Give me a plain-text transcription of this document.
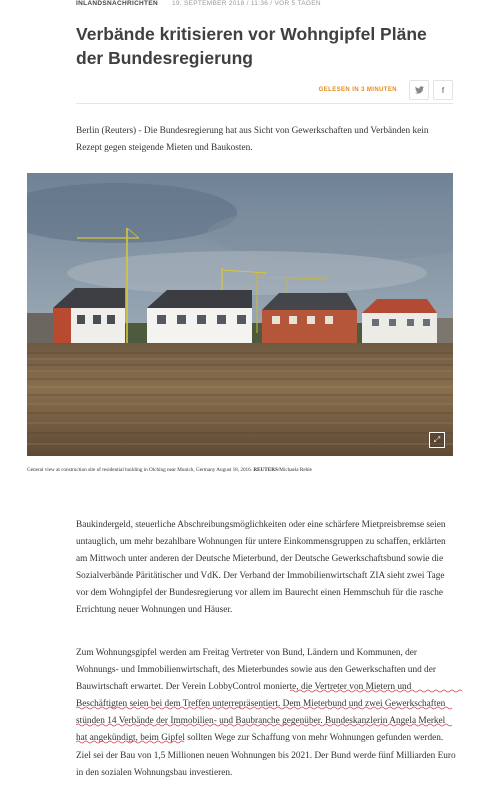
INLANDSNACHRICHTEN 19. SEPTEMBER 2018 / 11:36 / VOR 5 TAGEN
Verbände kritisieren vor Wohngipfel Pläne der Bundesregierung
GELESEN IN 3 MINUTEN	f

Berlin (Reuters) - Die Bundesregierung hat aus Sicht von Gewerkschaften und Verbänden kein Rezept gegen steigende Mieten und Baukosten.

⤢

General view at construction site of residential building in Olching near Munich, Germany August 18, 2016. REUTERS/Michaela Rehle

Baukindergeld, steuerliche Abschreibungsmöglichkeiten oder eine schärfere Mietpreisbremse seien untauglich, um mehr bezahlbare Wohnungen für untere Einkommensgruppen zu schaffen, erklärten am Mittwoch unter anderen der Deutsche Mieterbund, der Deutsche Gewerkschaftsbund sowie die Sozialverbände Päritätischer und VdK. Der Verband der Immobilienwirtschaft ZIA sieht zwei Tage vor dem Wohngipfel der Bundesregierung vor allem im Baurecht einen Hemmschuh für die rasche Errichtung neuer Wohnungen und Häuser.

Zum Wohnungsgipfel werden am Freitag Vertreter von Bund, Ländern und Kommunen, der Wohnungs- und Immobilienwirtschaft, des Mieterbundes sowie aus den Gewerkschaften und der Bauwirtschaft erwartet. Der Verein LobbyControl monierte, die Vertreter von Mietern und Beschäftigten seien bei dem Treffen unterrepräsentiert. Dem Mieterbund und zwei Gewerkschaften stünden 14 Verbände der Immobilien- und Baubranche gegenüber. Bundeskanzlerin Angela Merkel hat angekündigt, beim Gipfel sollten Wege zur Schaffung von mehr Wohnungen gefunden werden. Ziel sei der Bau von 1,5 Millionen neuen Wohnungen bis 2021. Der Bund werde fünf Milliarden Euro in den sozialen Wohnungsbau investieren.
